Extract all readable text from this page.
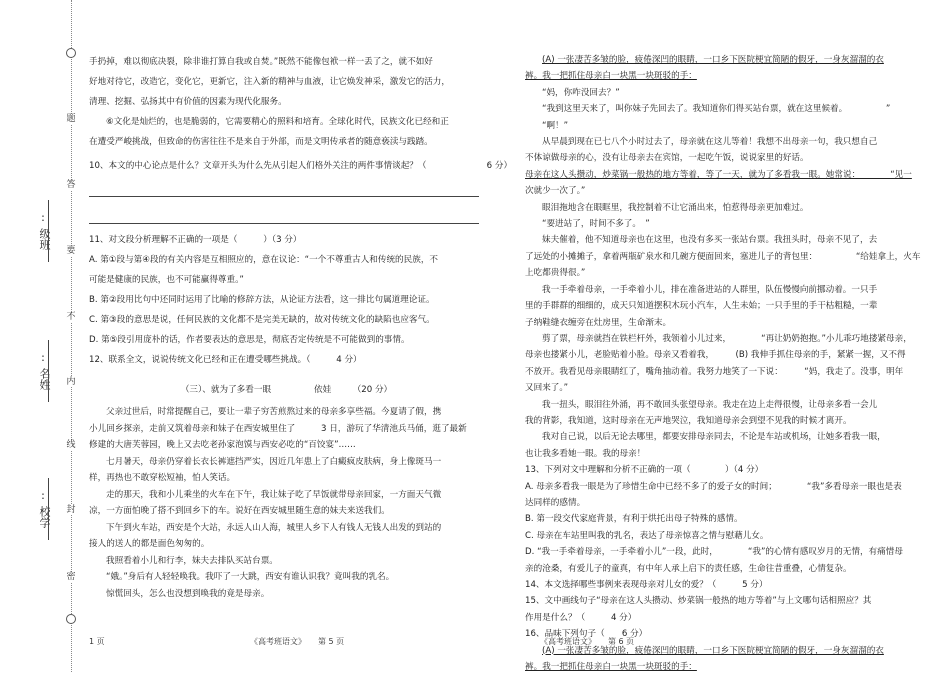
题
答
要
不
内
线
封
密
:
级班
:
名姓
:
校学

手扔掉，难以彻底决裂，除非谁打算自我或自焚。”既然不能像包袱一样一丢了之，就不如好

好地对待它，改造它，变化它，更新它，注入新的精神与血液，让它焕发神采，激发它的活力，

清理、挖掘、弘扬其中有价值的因素为现代化服务。

⑥文化是灿烂的，也是脆弱的，它需要精心的照料和培育。全球化时代，民族文化已经和正

在遭受严峻挑战，但致命的伤害往往不是来自于外部，而是文明传承者的随意亵渎与践踏。

10、本文的中心论点是什么？文章开头为什么先从引起人们格外关注的两件事情谈起？（　　　　　　　6 分）

11、对文段分析理解不正确的一项是（　　　）（3 分）

A. 第①段与第④段的有关内容是互相照应的，意在议论：“一个不尊重古人和传统的民族，不

可能是健康的民族，也不可能赢得尊重。”

B. 第②段用比句中还同时运用了比喻的修辞方法，从论证方法看，这一排比句属道理论证。

C. 第③段的意思是说，任何民族的文化都不是完美无缺的，故对传统文化的缺陷也应客气。

D. 第⑤段引用庞朴的话，作者要表达的意思是，彻底否定传统是不可能做到的事情。

12、联系全文，说说传统文化已经和正在遭受哪些挑战。（　　　4 分）

（三）、就为了多看一眼　　　　　依娃　　　（20 分）

父亲过世后，时常提醒自己，要让一辈子穷苦煎熬过来的母亲多享些福。今夏请了假，携

小儿回乡探亲，走前又筑着母亲和妹子在西安城里住了　　　3 日，游玩了华清池兵马俑，逛了最新

修建的大唐芙蓉园，晚上又去吃老孙家泡馍与西安必吃的“百饺宴”……

七月暑天，母亲仍穿着长衣长裤遮挡严实，因近几年患上了白癜疯皮肤病，身上像斑马一

样，再热也不敢穿松短袖，怕人笑话。

走的那天，我和小儿乘坐的火车在下午，我让妹子吃了早饭就带母亲回家，一方面天气微

凉，一方面怕晚了搭不到回乡下的车。说好在西安城里随生意的妹夫来送我们。

下午到火车站，西安是个大站，永远人山人海，城里人乡下人有钱人无钱人出发的到站的

接人的送人的都是面色匆匆的。

我照看着小儿和行李，妹夫去排队买站台票。

“娥。”身后有人轻轻唤我。我吓了一大跳，西安有谁认识我？竟叫我的乳名。

惊慌回头，怎么也没想到唤我的竟是母亲。

(A) 一张凄苦多皱的脸，疲倦深凹的眼睛，一口乡下医院梗宜简陋的假牙，一身灰溜溜的衣

裤。我一把抓住母亲白一块黑一块斑驳的手：

“妈，你咋没回去？”

“我到这里天来了，叫你妹子先回去了。我知道你们得买站台票，就在这里候着。　　　　　”

“啊！”

从早晨到现在已七八个小时过去了，母亲就在这儿等着！我想不出母亲一句，我只想自己

不体谅做母亲的心，没有让母亲去在宾馆，一起吃午饭，说说家里的好话。

母亲在这人头攒动，炒菜锅一般热的地方等着，等了一天，就为了多看我一眼。她常说：　　　　“见一

次就少一次了。”

眼泪拖地含在眼眶里，我控制着不让它涌出来，怕惹得母亲更加难过。

“要进站了，时间不多了。　”

妹夫催着，他不知道母亲也在这里，也没有多买一张站台票。我扭头时，母亲不见了，去

了远处的小摊摊子，拿着两瓶矿泉水和几碗方便面回来，塞进儿子的背包里：　　　　　“给娃拿上，火车

上吃都贵得很。”

我一手牵着母亲，一手牵着小儿，排在准备进站的人群里，队伍慢慢向前挪动着。一只手

里的手群群的细细的，成天只知道摆积木玩小汽车，人生未始；一只手里的手干枯粗糙，一辈

子纳鞋缝衣缠旁在灶房里，生命渐末。

剪了票，母亲就挡在铁栏杆外，我领着小儿过来，　　　　“再让奶奶抱抱。”小儿乖巧地搂紧母亲，

母亲也搂紧小儿，老脸贴着小脸。母亲又看着我，　　　(B) 我伸手抓住母亲的手，紧紧一握，又不得

不放开。我看见母亲眼睛红了，嘴角抽动着。我努力地笑了一下说：　　　“妈，我走了。没事，明年

又回来了。”

我一扭头，眼泪往外涌，再不敢回头张望母亲。我走在边上走得很慢，让母亲多看一会儿

我的背影，我知道，这时母亲在无声地哭泣，我知道母亲会到望不见我的时候才离开。

我对自己说，以后无论去哪里，都要安排母亲同去，不论是车站或机场，让她多看我一眼，

也让我多看她一眼。我的母亲！

13、下列对文中理解和分析不正确的一项（　　　　）（4 分）

A. 母亲多看我一眼是为了珍惜生命中已经不多了的爱子女的时间；　　　　“我”多看母亲一眼也是表

达同样的感情。

B. 第一段交代家庭背景，有利于烘托出母子特殊的感情。

C. 母亲在车站里叫我的乳名，表达了母亲惊喜之情与慰藉儿女。

D. “我一手牵着母亲，一手牵着小儿”一段，此时，　　　　“我”的心情有感叹岁月的无情，有痛惜母

亲的沧桑，有爱儿子的童真，有中年人承上启下的责任感，生命往昔重叠，心情复杂。

14、本文选择哪些事例来表现母亲对儿女的爱？（　　　5 分）

15、文中画线句子“母亲在这人头攒动、炒菜锅一般热的地方等着”与上文哪句话相照应？其

作用是什么？（　　　4 分）

16、品味下列句子（　　6 分）

(A) 一张凄苦多皱的脸，疲倦深凹的眼睛，一口乡下医院梗宜简陋的假牙，一身灰溜溜的衣

裤。我一把抓住母亲白一块黑一块斑驳的手：

1 页	《高考班语文》　　第 5 页	《高考班语文》　　第 6 页
